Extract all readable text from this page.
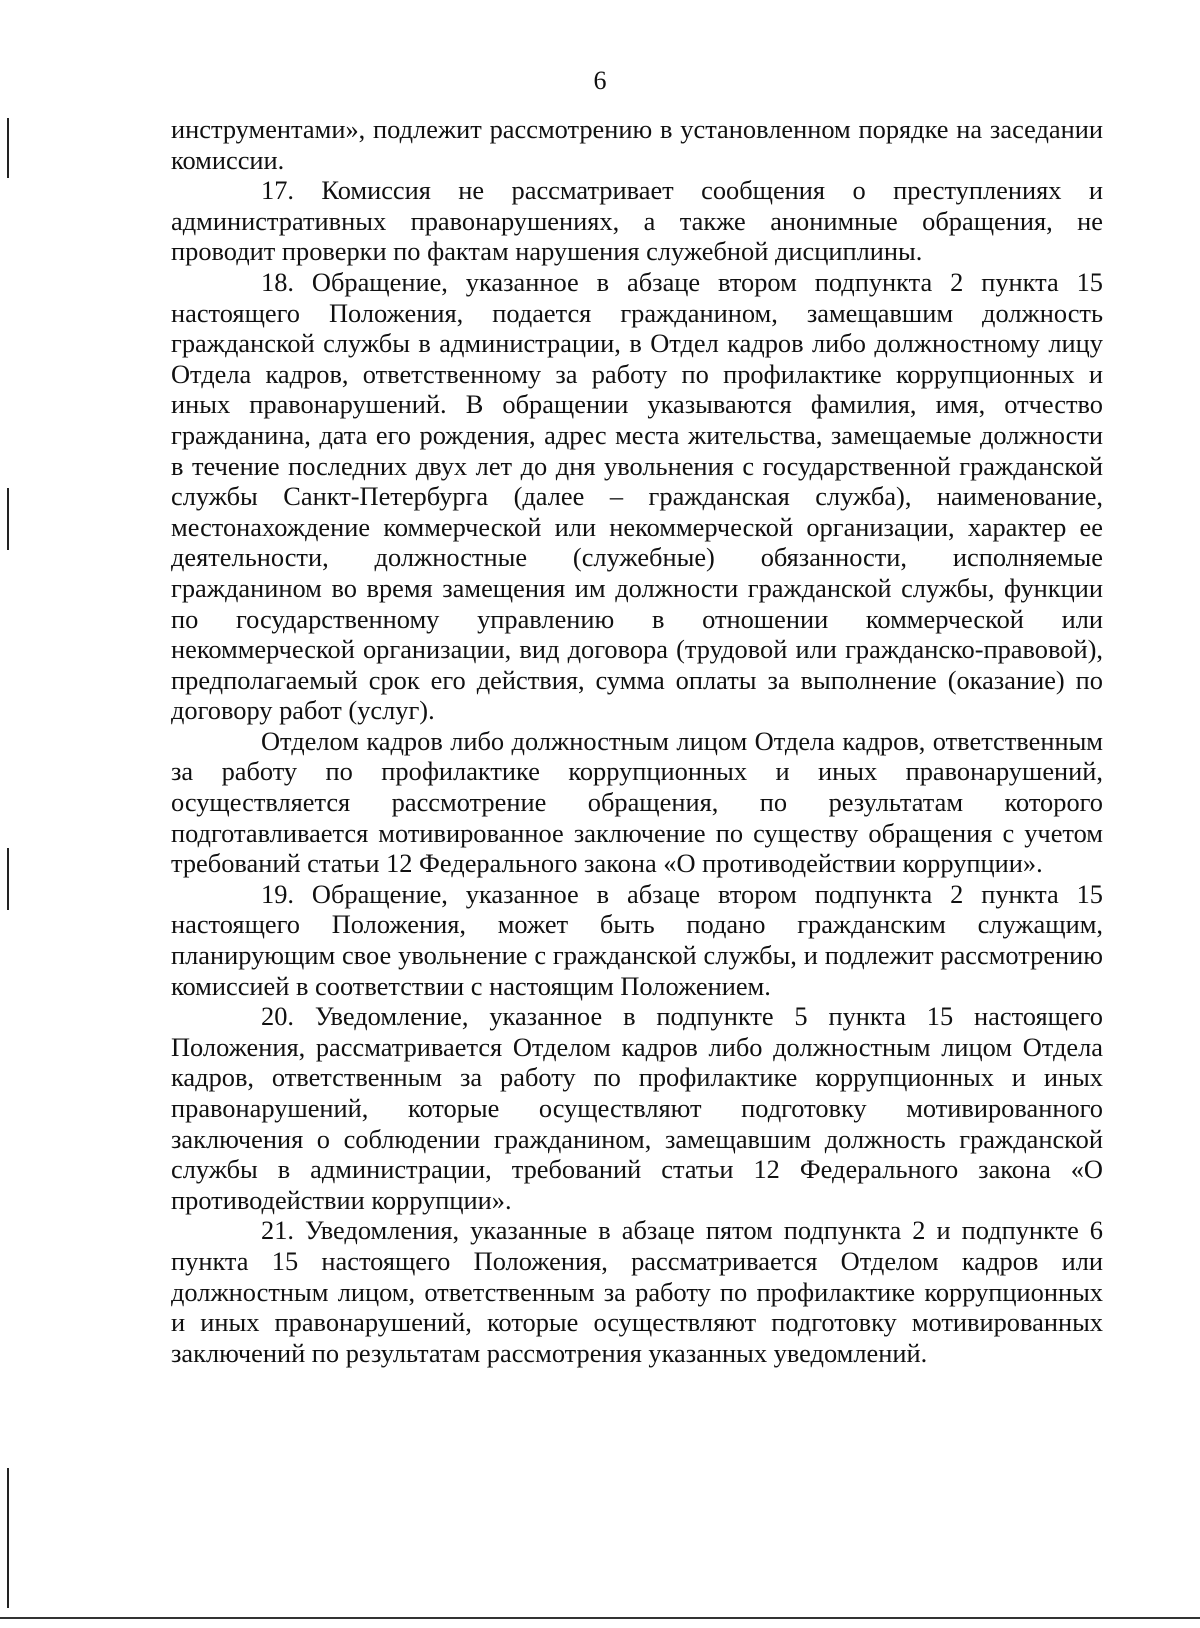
6

инструментами», подлежит рассмотрению в установленном порядке на заседании комиссии.

17. Комиссия не рассматривает сообщения о преступлениях и административных правонарушениях, а также анонимные обращения, не проводит проверки по фактам нарушения служебной дисциплины.

18. Обращение, указанное в абзаце втором подпункта 2 пункта 15 настоящего Положения, подается гражданином, замещавшим должность гражданской службы в администрации, в Отдел кадров либо должностному лицу Отдела кадров, ответственному за работу по профилактике коррупционных и иных правонарушений. В обращении указываются фамилия, имя, отчество гражданина, дата его рождения, адрес места жительства, замещаемые должности в течение последних двух лет до дня увольнения с государственной гражданской службы Санкт-Петербурга (далее – гражданская служба), наименование, местонахождение коммерческой или некоммерческой организации, характер ее деятельности, должностные (служебные) обязанности, исполняемые гражданином во время замещения им должности гражданской службы, функции по государственному управлению в отношении коммерческой или некоммерческой организации, вид договора (трудовой или гражданско-правовой), предполагаемый срок его действия, сумма оплаты за выполнение (оказание) по договору работ (услуг).

Отделом кадров либо должностным лицом Отдела кадров, ответственным за работу по профилактике коррупционных и иных правонарушений, осуществляется рассмотрение обращения, по результатам которого подготавливается мотивированное заключение по существу обращения с учетом требований статьи 12 Федерального закона «О противодействии коррупции».

19. Обращение, указанное в абзаце втором подпункта 2 пункта 15 настоящего Положения, может быть подано гражданским служащим, планирующим свое увольнение с гражданской службы, и подлежит рассмотрению комиссией в соответствии с настоящим Положением.

20. Уведомление, указанное в подпункте 5 пункта 15 настоящего Положения, рассматривается Отделом кадров либо должностным лицом Отдела кадров, ответственным за работу по профилактике коррупционных и иных правонарушений, которые осуществляют подготовку мотивированного заключения о соблюдении гражданином, замещавшим должность гражданской службы в администрации, требований статьи 12 Федерального закона «О противодействии коррупции».

21. Уведомления, указанные в абзаце пятом подпункта 2 и подпункте 6 пункта 15 настоящего Положения, рассматривается Отделом кадров или должностным лицом, ответственным за работу по профилактике коррупционных и иных правонарушений, которые осуществляют подготовку мотивированных заключений по результатам рассмотрения указанных уведомлений.
